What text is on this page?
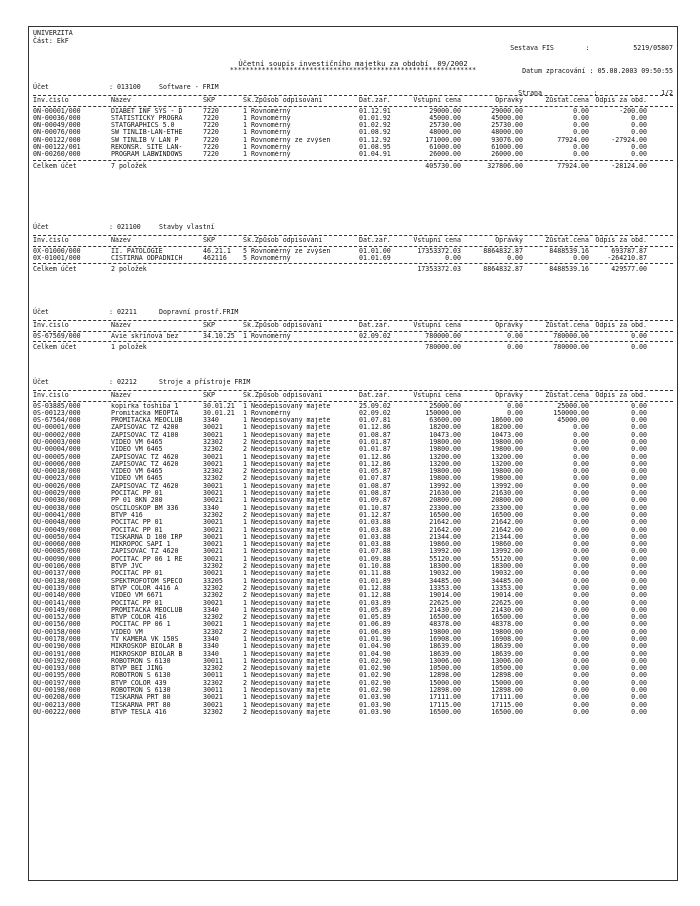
UNIVERZITA
Část: EkF

Sestava FIS        :           5219/05807

Datum zpracování : 05.08.2003 09:50:55

Strana             :                1/2

Účetní soupis investičního majetku za období  09/2002
**************************************************************
Účet	: 013100	Software - FRIM
Inv.číslo	Název	SKP	Sk.Způsob odpisování	Dat.zař.	Vstupní cena	Oprávky	Zůstat.cena Odpis za obd.
0N-00001/000	DIABET INF SYS - D	7220	1 Rovnoměrný	01.12.91	29000.00	29000.00	0.00	-200.00
0N-00036/000	STATISTICKY PROGRA	7220	1 Rovnoměrný	01.01.92	45000.00	45000.00	0.00	0.00
0N-00049/000	STATGRAPHICS 5.0	7220	1 Rovnoměrný	01.02.92	25730.00	25730.00	0.00	0.00
0N-00076/000	SW TINLIB-LAN-ETHE	7220	1 Rovnoměrný	01.08.92	48000.00	48000.00	0.00	0.00
0N-00122/000	SW TINLIB V LAN P	7220	1 Rovnoměrný ze zvýšen	01.12.92	171000.00	93076.00	77924.00	-27924.00
0N-00122/001	REKONSR. SITE LAN-	7220	1 Rovnoměrný	01.08.95	61000.00	61000.00	0.00	0.00
0N-00260/000	PROGRAM LABWINDOWS	7220	1 Rovnoměrný	01.04.91	26000.00	26000.00	0.00	0.00
Celkem účet	7 položek	405730.00	327806.00	77924.00	-28124.00
Účet	: 021100	Stavby vlastní
Inv.číslo	Název	SKP	Sk.Způsob odpisování	Dat.zař.	Vstupní cena	Oprávky	Zůstat.cena Odpis za obd.
0X-01000/000	II. PATOLOGIE	46.21.1	5 Rovnoměrný ze zvýšen	01.01.00	17353372.03	8864832.87	8488539.16	693787.87
0X-01001/000	CISTIRNA ODPADNICH	462116	5 Rovnoměrný	01.01.69	0.00	0.00	0.00	-264210.87
Celkem účet	2 položek	17353372.03	8864832.87	8488539.16	429577.00
Účet	: 02211	Dopravní prostř.FRIM
Inv.číslo	Název	SKP	Sk.Způsob odpisování	Dat.zař.	Vstupní cena	Oprávky	Zůstat.cena Odpis za obd.
0S-67569/000	Avie skříňová bez	34.10.25	1 Rovnoměrný	02.09.02	780000.00	0.00	780000.00	0.00
Celkem účet	1 položek	780000.00	0.00	780000.00	0.00
Účet	: 02212	Stroje a přístroje FRIM
Inv.číslo	Název	SKP	Sk.Způsob odpisování	Dat.zař.	Vstupní cena	Oprávky	Zůstat.cena Odpis za obd.
0S-03885/000	kopírka toshiba 1	30.01.21	1 Neodepisovaný majete	25.09.02	25000.00	0.00	25000.00	0.00
0S-00123/000	Promítačka MEOPTA	30.01.21	1 Rovnoměrný	02.09.02	150000.00	0.00	150000.00	0.00
0S-67564/000	PROMITACKA MEOCLUB	3340	1 Neodepisovaný majete	01.07.81	63600.00	18600.00	45000.00	0.00
0U-00001/000	ZAPISOVAC TZ 4200	30021	1 Neodepisovaný majete	01.12.86	18200.00	18200.00	0.00	0.00
0U-00002/000	ZAPISOVAC TZ 4100	30021	1 Neodepisovaný majete	01.08.87	10473.00	10473.00	0.00	0.00
0U-00003/000	VIDEO VM 6465	32302	2 Neodepisovaný majete	01.01.87	19800.00	19800.00	0.00	0.00
0U-00004/000	VIDEO VM 6465	32302	2 Neodepisovaný majete	01.01.87	19800.00	19800.00	0.00	0.00
0U-00005/000	ZAPISOVAC TZ 4620	30021	1 Neodepisovaný majete	01.12.86	13200.00	13200.00	0.00	0.00
0U-00006/000	ZAPISOVAC TZ 4620	30021	1 Neodepisovaný majete	01.12.86	13200.00	13200.00	0.00	0.00
0U-00018/000	VIDEO VM 6465	32302	2 Neodepisovaný majete	01.05.87	19800.00	19800.00	0.00	0.00
0U-00023/000	VIDEO VM 6465	32302	2 Neodepisovaný majete	01.07.87	19800.00	19800.00	0.00	0.00
0U-00026/000	ZAPISOVAC TZ 4620	30021	1 Neodepisovaný majete	01.08.87	13992.00	13992.00	0.00	0.00
0U-00029/000	POCITAC PP 01	30021	1 Neodepisovaný majete	01.08.87	21630.00	21630.00	0.00	0.00
0U-00030/000	PP 01 8KN 280	30021	1 Neodepisovaný majete	01.09.87	20800.00	20800.00	0.00	0.00
0U-00038/000	OSCILOSKOP BM 336	3340	1 Neodepisovaný majete	01.10.87	23300.00	23300.00	0.00	0.00
0U-00041/000	BTVP 416	32302	2 Neodepisovaný majete	01.12.87	16500.00	16500.00	0.00	0.00
0U-00048/000	POCITAC PP 01	30021	1 Neodepisovaný majete	01.03.88	21642.00	21642.00	0.00	0.00
0U-00049/000	POCITAC PP 01	30021	1 Neodepisovaný majete	01.03.88	21642.00	21642.00	0.00	0.00
0U-00050/004	TISKARNA D 100 IRP	30021	1 Neodepisovaný majete	01.03.88	21344.00	21344.00	0.00	0.00
0U-00060/000	MIKROPOC SAPI 1	30021	1 Neodepisovaný majete	01.03.88	19860.00	19860.00	0.00	0.00
0U-00085/000	ZAPISOVAC TZ 4620	30021	1 Neodepisovaný majete	01.07.88	13992.00	13992.00	0.00	0.00
0U-00090/000	POCITAC PP 06 1 RE	30021	1 Neodepisovaný majete	01.09.88	55120.00	55120.00	0.00	0.00
0U-00106/000	BTVP JVC	32302	2 Neodepisovaný majete	01.10.88	18300.00	18300.00	0.00	0.00
0U-00137/000	POCITAC PP 01	30021	1 Neodepisovaný majete	01.11.88	19032.00	19032.00	0.00	0.00
0U-00138/000	SPEKTROFOTOM SPECO	33205	1 Neodepisovaný majete	01.01.89	34485.00	34485.00	0.00	0.00
0U-00139/000	BTVP COLOR 4416 A	32302	2 Neodepisovaný majete	01.12.88	13353.00	13353.00	0.00	0.00
0U-00140/000	VIDEO VM 6671	32302	2 Neodepisovaný majete	01.12.88	19014.00	19014.00	0.00	0.00
0U-00141/000	POCITAC PP 01	30021	1 Neodepisovaný majete	01.03.89	22625.00	22625.00	0.00	0.00
0U-00149/000	PROMITACKA MEOCLUB	3340	1 Neodepisovaný majete	01.05.89	21430.00	21430.00	0.00	0.00
0U-00152/000	BTVP COLOR 416	32302	2 Neodepisovaný majete	01.05.89	16500.00	16500.00	0.00	0.00
0U-00156/000	POCITAC PP 06 1	30021	1 Neodepisovaný majete	01.06.89	48378.00	48378.00	0.00	0.00
0U-00158/000	VIDEO VM	32302	2 Neodepisovaný majete	01.06.89	19800.00	19800.00	0.00	0.00
0U-00178/000	TV KAMERA VK 150S	3340	1 Neodepisovaný majete	01.01.90	16908.00	16908.00	0.00	0.00
0U-00190/000	MIKROSKOP BIOLAR B	3340	1 Neodepisovaný majete	01.04.90	18639.00	18639.00	0.00	0.00
0U-00191/000	MIKROSKOP BIOLAR B	3340	1 Neodepisovaný majete	01.04.90	18639.00	18639.00	0.00	0.00
0U-00192/000	ROBOTRON S 6130	30011	1 Neodepisovaný majete	01.02.90	13006.00	13006.00	0.00	0.00
0U-00193/000	BTVP BEI JING	32302	2 Neodepisovaný majete	01.02.90	10500.00	10500.00	0.00	0.00
0U-00195/000	ROBOTRON S 6130	30011	1 Neodepisovaný majete	01.02.90	12898.00	12898.00	0.00	0.00
0U-00197/000	BTVP COLOR 439	32302	2 Neodepisovaný majete	01.02.90	15000.00	15000.00	0.00	0.00
0U-00198/000	ROBOTRON S 6130	30011	1 Neodepisovaný majete	01.02.90	12898.00	12898.00	0.00	0.00
0U-00208/000	TISKARNA PRT 80	30021	1 Neodepisovaný majete	01.03.90	17111.00	17111.00	0.00	0.00
0U-00213/000	TISKARNA PRT 80	30021	1 Neodepisovaný majete	01.03.90	17115.00	17115.00	0.00	0.00
0U-00222/000	BTVP TESLA 416	32302	2 Neodepisovaný majete	01.03.90	16500.00	16500.00	0.00	0.00
